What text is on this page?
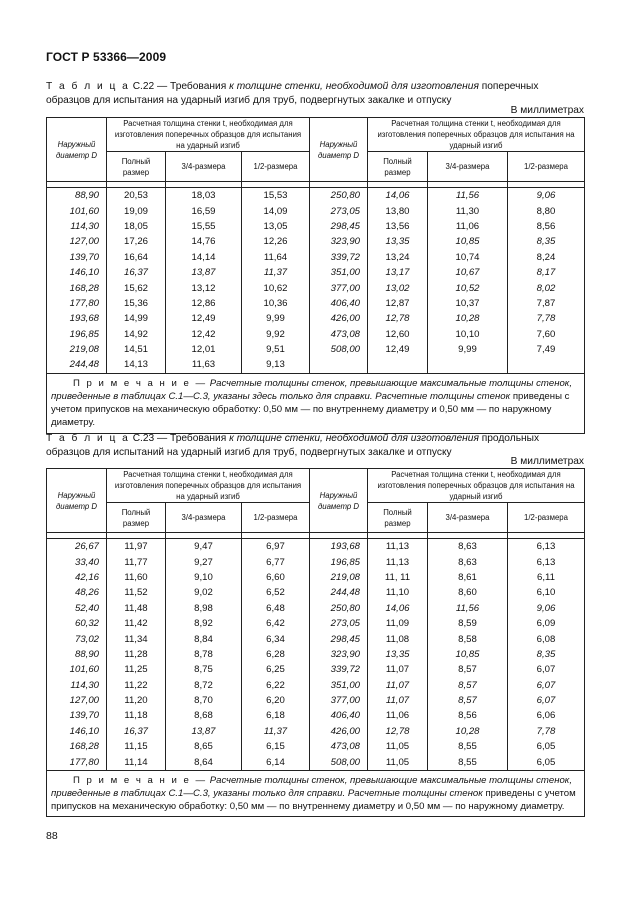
ГОСТ Р 53366—2009
Т а б л и ц а С.22 — Требования к толщине стенки, необходимой для изготовления поперечных образцов для испытания на ударный изгиб для труб, подвергнутых закалке и отпуску
В миллиметрах
Наружный диаметр D	Расчетная толщина стенки t, необходимая для изготовления поперечных образцов для испытания на ударный изгиб			Наружный диаметр D	Расчетная толщина стенки t, необходимая для изготовления поперечных образцов для испытания на ударный изгиб		
	Полный размер	3/4-размера	1/2-размера		Полный размер	3/4-размера	1/2-размера

88,90	20,53	18,03	15,53	250,80	14,06	11,56	9,06
101,60	19,09	16,59	14,09	273,05	13,80	11,30	8,80
114,30	18,05	15,55	13,05	298,45	13,56	11,06	8,56
127,00	17,26	14,76	12,26	323,90	13,35	10,85	8,35
139,70	16,64	14,14	11,64	339,72	13,24	10,74	8,24
146,10	16,37	13,87	11,37	351,00	13,17	10,67	8,17
168,28	15,62	13,12	10,62	377,00	13,02	10,52	8,02
177,80	15,36	12,86	10,36	406,40	12,87	10,37	7,87
193,68	14,99	12,49	9,99	426,00	12,78	10,28	7,78
196,85	14,92	12,42	9,92	473,08	12,60	10,10	7,60
219,08	14,51	12,01	9,51	508,00	12,49	9,99	7,49
244,48	14,13	11,63	9,13				
П р и м е ч а н и е — Расчетные толщины стенок, превышающие максимальные толщины стенок, приведенные в таблицах С.1—С.3, указаны здесь только для справки. Расчетные толщины стенок приведены с учетом припусков на механическую обработку: 0,50 мм — по внутреннему диаметру и 0,50 мм — по наружному диаметру.							
Т а б л и ц а С.23 — Требования к толщине стенки, необходимой для изготовления продольных образцов для испытаний на ударный изгиб для труб, подвергнутых закалке и отпуску
В миллиметрах
Наружный диаметр D	Расчетная толщина стенки t, необходимая для изготовления поперечных образцов для испытания на ударный изгиб			Наружный диаметр D	Расчетная толщина стенки t, необходимая для изготовления поперечных образцов для испытания на ударный изгиб		
	Полный размер	3/4-размера	1/2-размера		Полный размер	3/4-размера	1/2-размера

26,67	11,97	9,47	6,97	193,68	11,13	8,63	6,13
33,40	11,77	9,27	6,77	196,85	11,13	8,63	6,13
42,16	11,60	9,10	6,60	219,08	11, 11	8,61	6,11
48,26	11,52	9,02	6,52	244,48	11,10	8,60	6,10
52,40	11,48	8,98	6,48	250,80	14,06	11,56	9,06
60,32	11,42	8,92	6,42	273,05	11,09	8,59	6,09
73,02	11,34	8,84	6,34	298,45	11,08	8,58	6,08
88,90	11,28	8,78	6,28	323,90	13,35	10,85	8,35
101,60	11,25	8,75	6,25	339,72	11,07	8,57	6,07
114,30	11,22	8,72	6,22	351,00	11,07	8,57	6,07
127,00	11,20	8,70	6,20	377,00	11,07	8,57	6,07
139,70	11,18	8,68	6,18	406,40	11,06	8,56	6,06
146,10	16,37	13,87	11,37	426,00	12,78	10,28	7,78
168,28	11,15	8,65	6,15	473,08	11,05	8,55	6,05
177,80	11,14	8,64	6,14	508,00	11,05	8,55	6,05
П р и м е ч а н и е — Расчетные толщины стенок, превышающие максимальные толщины стенок, приведенные в таблицах С.1—С.3, указаны только для справки. Расчетные толщины стенок приведены с учетом припусков на механическую обработку: 0,50 мм — по внутреннему диаметру и 0,50 мм — по наружному диаметру.							
88
